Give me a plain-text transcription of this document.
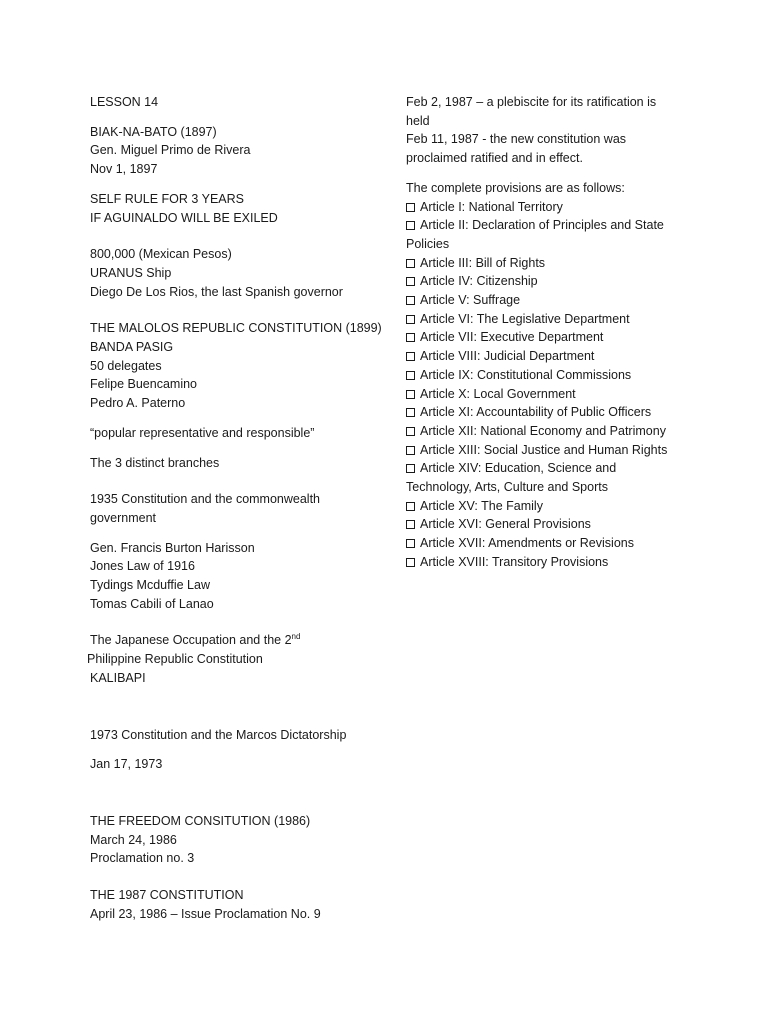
LESSON 14
BIAK-NA-BATO (1897)
Gen. Miguel Primo de Rivera
Nov 1, 1897
SELF RULE FOR 3 YEARS
IF AGUINALDO WILL BE EXILED
800,000 (Mexican Pesos)
URANUS Ship
Diego De Los Rios, the last Spanish governor
THE MALOLOS REPUBLIC CONSTITUTION (1899)
BANDA PASIG
50 delegates
Felipe Buencamino
Pedro A. Paterno
“popular representative and responsible”
The 3 distinct branches
1935 Constitution and the commonwealth government
Gen. Francis Burton Harisson
Jones Law of 1916
Tydings Mcduffie Law
Tomas Cabili of Lanao
The Japanese Occupation and the 2nd
Philippine Republic Constitution
KALIBAPI
1973 Constitution and the Marcos Dictatorship
Jan 17, 1973
THE FREEDOM CONSITUTION (1986)
March 24, 1986
Proclamation no. 3
THE 1987 CONSTITUTION
April 23, 1986 – Issue Proclamation No. 9
Feb 2, 1987 – a plebiscite for its ratification is held
Feb 11, 1987 - the new constitution was proclaimed ratified and in effect.
The complete provisions are as follows:
Article I: National Territory
Article II: Declaration of Principles and State Policies
Article III: Bill of Rights
Article IV: Citizenship
Article V: Suffrage
Article VI: The Legislative Department
Article VII: Executive Department
Article VIII: Judicial Department
Article IX: Constitutional Commissions
Article X: Local Government
Article XI: Accountability of Public Officers
Article XII: National Economy and Patrimony
Article XIII: Social Justice and Human Rights
Article XIV: Education, Science and Technology, Arts, Culture and Sports
Article XV: The Family
Article XVI: General Provisions
Article XVII: Amendments or Revisions
Article XVIII: Transitory Provisions
